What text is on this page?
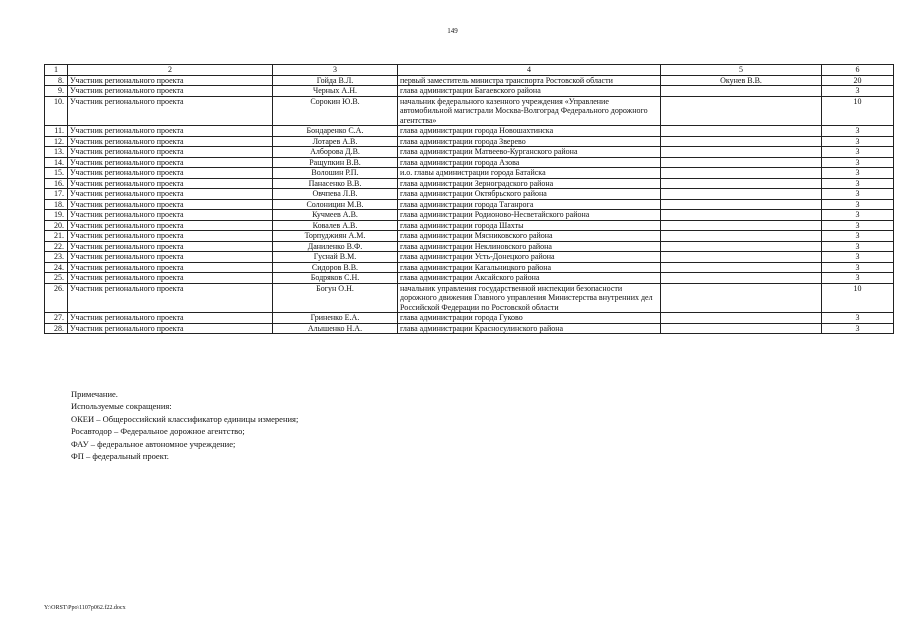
149
1	2	3	4	5	6
8.	Участник регионального проекта	Гойда В.Л.	первый заместитель министра транспорта Ростовской области	Окунев В.В.	20
9.	Участник регионального проекта	Черных А.Н.	глава администрации Багаевского района		3
10.	Участник регионального проекта	Сорокин Ю.В.	начальник федерального казенного учреждения «Управление автомобильной магистрали Москва-Волгоград Федерального дорожного агентства»		10
11.	Участник регионального проекта	Бондаренко С.А.	глава администрации города Новошахтинска		3
12.	Участник регионального проекта	Лотарев А.В.	глава администрации города Зверево		3
13.	Участник регионального проекта	Алборова Д.В.	глава администрации Матвеево-Курганского района		3
14.	Участник регионального проекта	Ращупкин В.В.	глава администрации города Азова		3
15.	Участник регионального проекта	Волошин Р.П.	и.о. главы администрации города Батайска		3
16.	Участник регионального проекта	Панасенко В.В.	глава администрации Зерноградского района		3
17.	Участник регионального проекта	Овчпева Л.В.	глава администрации Октябрьского района		3
18.	Участник регионального проекта	Солоницин М.В.	глава администрации города Таганрога		3
19.	Участник регионального проекта	Кучмеев А.В.	глава администрации Родионово-Несветайского района		3
20.	Участник регионального проекта	Ковалев А.В.	глава администрации города Шахты		3
21.	Участник регионального проекта	Торпуджиян А.М.	глава администрации Мясниковского района		3
22.	Участник регионального проекта	Даниленко В.Ф.	глава администрации Неклиновского района		3
23.	Участник регионального проекта	Гуснай В.М.	глава администрации Усть-Донецкого района		3
24.	Участник регионального проекта	Сидоров В.В.	глава администрации Кагальницкого района		3
25.	Участник регионального проекта	Бодряков С.Н.	глава администрации Аксайского района		3
26.	Участник регионального проекта	Богун О.Н.	начальник управления государственной инспекции безопасности дорожного движения Главного управления Министерства внутренних дел Российской Федерации по Ростовской области		10
27.	Участник регионального проекта	Гриненко Е.А.	глава администрации города Гуково		3
28.	Участник регионального проекта	Алышенко Н.А.	глава администрации Красносулинского района		3
Примечание.
Используемые сокращения:
ОКЕИ – Общероссийский классификатор единицы измерения;
Росавтодор – Федеральное дорожное агентство;
ФАУ – федеральное автономное учреждение;
ФП – федеральный проект.
Y:\ORST\Ppo\1107p062.f22.docx
